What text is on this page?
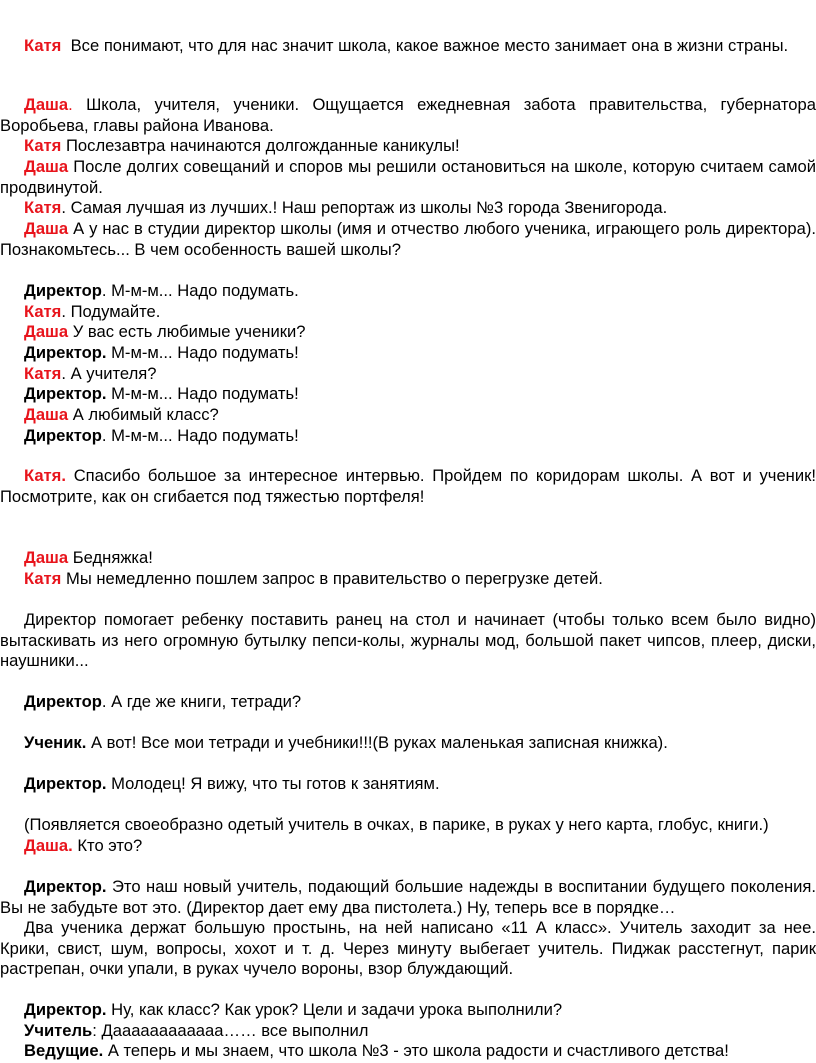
Катя Все понимают, что для нас значит школа, какое важное место занимает она в жизни страны.

Даша. Школа, учителя, ученики. Ощущается ежедневная забота правительства, губернатора Воробьева, главы района Иванова.

Катя Послезавтра начинаются долгожданные каникулы!

Даша После долгих совещаний и споров мы решили остановиться на школе, которую считаем самой продвинутой.

Катя. Самая лучшая из лучших.! Наш репортаж из школы №3 города Звенигорода.

Даша А у нас в студии директор школы (имя и отчество любого ученика, играющего роль директора). Познакомьтесь... В чем особенность вашей школы?

Директор. М-м-м... Надо подумать.

Катя. Подумайте.

Даша У вас есть любимые ученики?

Директор. М-м-м... Надо подумать!

Катя. А учителя?

Директор. М-м-м... Надо подумать!

Даша А любимый класс?

Директор. М-м-м... Надо подумать!

Катя. Спасибо большое за интересное интервью. Пройдем по коридорам школы. А вот и ученик! Посмотрите, как он сгибается под тяжестью портфеля!

Даша Бедняжка!

Катя Мы немедленно пошлем запрос в правительство о перегрузке детей.

Директор помогает ребенку поставить ранец на стол и начинает (чтобы только всем было видно) вытаскивать из него огромную бутылку пепси-колы, журналы мод, большой пакет чипсов, плеер, диски, наушники...

Директор. А где же книги, тетради?

Ученик. А вот! Все мои тетради и учебники!!!(В руках маленькая записная книжка).

Директор. Молодец! Я вижу, что ты готов к занятиям.

(Появляется своеобразно одетый учитель в очках, в парике, в руках у него карта, глобус, книги.)

Даша. Кто это?

Директор. Это наш новый учитель, подающий большие надежды в воспитании будущего поколения. Вы не забудьте вот это. (Директор дает ему два пистолета.) Ну, теперь все в порядке…

Два ученика держат большую простынь, на ней написано «11 А класс». Учитель заходит за нее. Крики, свист, шум, вопросы, хохот и т. д. Через минуту выбегает учитель. Пиджак расстегнут, парик растрепан, очки упали, в руках чучело вороны, взор блуждающий.

Директор. Ну, как класс? Как урок? Цели и задачи урока выполнили?

Учитель: Даааааааааааа…… все выполнил

Ведущие. А теперь и мы знаем, что школа №3 - это школа радости и счастливого детства!
